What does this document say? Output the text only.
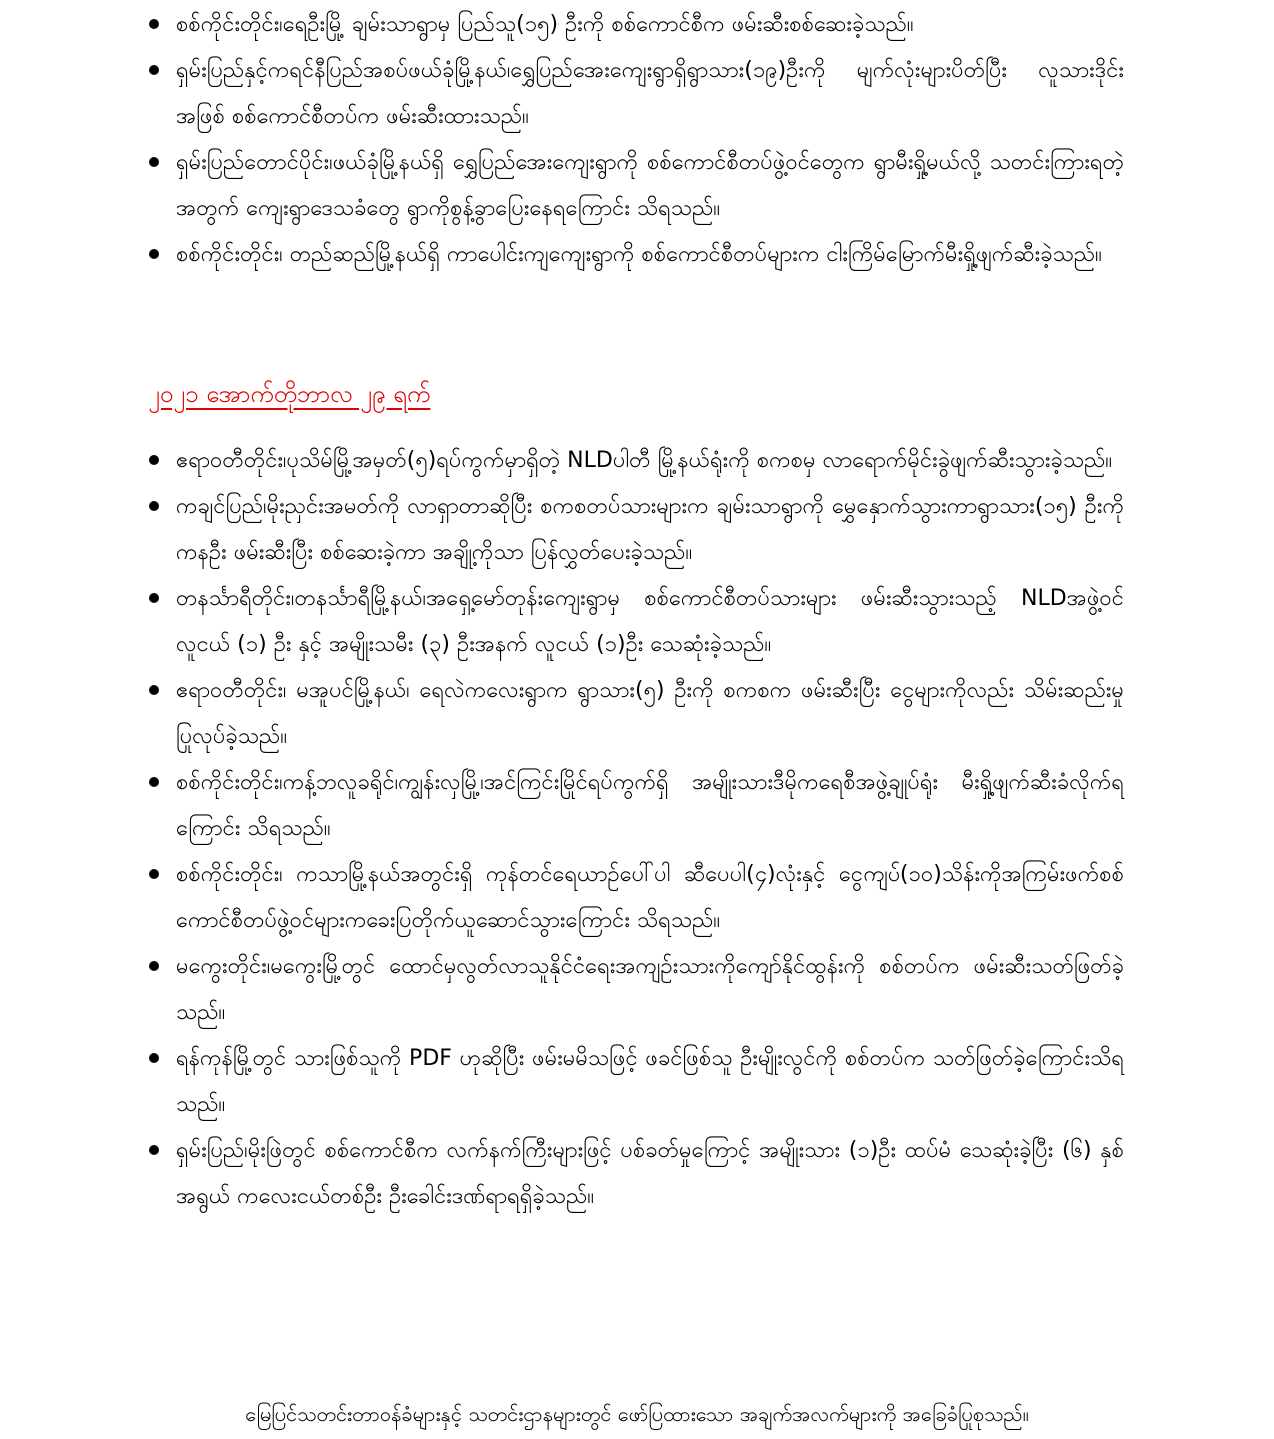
စစ်ကိုင်းတိုင်း၊ရေဦးမြို့ ချမ်းသာရွာမှ ပြည်သူ(၁၅) ဦးကို စစ်ကောင်စီက ဖမ်းဆီးစစ်ဆေးခဲ့သည်။
ရှမ်းပြည်နှင့်ကရင်နီပြည်အစပ်ဖယ်ခုံမြို့နယ်၊ရွှေပြည်အေးကျေးရွာရှိရွာသား(၁၉)ဦးကို မျက်လုံးများပိတ်ပြီး လူသားဒိုင်းအဖြစ် စစ်ကောင်စီတပ်က ဖမ်းဆီးထားသည်။
ရှမ်းပြည်တောင်ပိုင်း၊ဖယ်ခုံမြို့နယ်ရှိ ရွှေပြည်အေးကျေးရွာကို စစ်ကောင်စီတပ်ဖွဲ့ဝင်တွေက ရွာမီးရှို့မယ်လို့ သတင်းကြားရတဲ့အတွက် ကျေးရွာဒေသခံတွေ ရွာကိုစွန့်ခွာပြေးနေရကြောင်း သိရသည်။
စစ်ကိုင်းတိုင်း၊ တည်ဆည်မြို့နယ်ရှိ ကာပေါင်းကျကျေးရွာကို စစ်ကောင်စီတပ်များက ငါးကြိမ်မြောက်မီးရှို့ဖျက်ဆီးခဲ့သည်။
၂၀၂၁ အောက်တိုဘာလ ၂၉ ရက်
ဧရာဝတီတိုင်း၊ပုသိမ်မြို့အမှတ်(၅)ရပ်ကွက်မှာရှိတဲ့ NLDပါတီ မြို့နယ်ရုံးကို စကစမှ လာရောက်မိုင်းခွဲဖျက်ဆီးသွားခဲ့သည်။
ကချင်ပြည်၊မိုးညှင်းအမတ်ကို လာရှာတာဆိုပြီး စကစတပ်သားများက ချမ်းသာရွာကို မွှေနှောက်သွားကာရွာသား(၁၅) ဦးကို ကနဦး ဖမ်းဆီးပြီး စစ်ဆေးခဲ့ကာ အချို့ကိုသာ ပြန်လွှတ်ပေးခဲ့သည်။
တနင်္သာရီတိုင်း၊တနင်္သာရီမြို့နယ်၊အရှေ့မော်တုန်းကျေးရွာမှ စစ်ကောင်စီတပ်သားများ ဖမ်းဆီးသွားသည့် NLDအဖွဲ့ဝင် လူငယ် (၁) ဦး နှင့် အမျိုးသမီး (၃) ဦးအနက် လူငယ် (၁)ဦး သေဆုံးခဲ့သည်။
ဧရာဝတီတိုင်း၊ မအူပင်မြို့နယ်၊ ရေလဲကလေးရွာက ရွာသား(၅) ဦးကို စကစက ဖမ်းဆီးပြီး ငွေများကိုလည်း သိမ်းဆည်းမှုပြုလုပ်ခဲ့သည်။
စစ်ကိုင်းတိုင်း၊ကန့်ဘလူခရိုင်၊ကျွန်းလှမြို့၊အင်ကြင်းမြိုင်ရပ်ကွက်ရှိ အမျိုးသားဒီမိုကရေစီအဖွဲ့ချုပ်ရုံး မီးရှို့ဖျက်ဆီးခံလိုက်ရကြောင်း သိရသည်။
စစ်ကိုင်းတိုင်း၊ ကသာမြို့နယ်အတွင်းရှိ ကုန်တင်ရေယာဉ်ပေါ်ပါ ဆီပေပါ(၄)လုံးနှင့် ငွေကျပ်(၁၀)သိန်းကိုအကြမ်းဖက်စစ်ကောင်စီတပ်ဖွဲ့ဝင်များကခေးပြတိုက်ယူဆောင်သွားကြောင်း သိရသည်။
မကွေးတိုင်း၊မကွေးမြို့တွင် ထောင်မှလွတ်လာသူနိုင်ငံရေးအကျဉ်းသားကိုကျော်နိုင်ထွန်းကို စစ်တပ်က ဖမ်းဆီးသတ်ဖြတ်ခဲ့သည်။
ရန်ကုန်မြို့တွင် သားဖြစ်သူကို PDF ဟုဆိုပြီး ဖမ်းမမိသဖြင့် ဖခင်ဖြစ်သူ ဦးမျိုးလွင်ကို စစ်တပ်က သတ်ဖြတ်ခဲ့ကြောင်းသိရသည်။
ရှမ်းပြည်၊မိုးဖြဲတွင် စစ်ကောင်စီက လက်နက်ကြီးများဖြင့် ပစ်ခတ်မှုကြောင့် အမျိုးသား (၁)ဦး ထပ်မံ သေဆုံးခဲ့ပြီး (၆) နှစ် အရွယ် ကလေးငယ်တစ်ဦး ဦးခေါင်းဒဏ်ရာရရှိခဲ့သည်။
မြေပြင်သတင်းတာဝန်ခံများနှင့် သတင်းဌာနများတွင် ဖော်ပြထားသော အချက်အလက်များကို အခြေခံပြုစုသည်။
